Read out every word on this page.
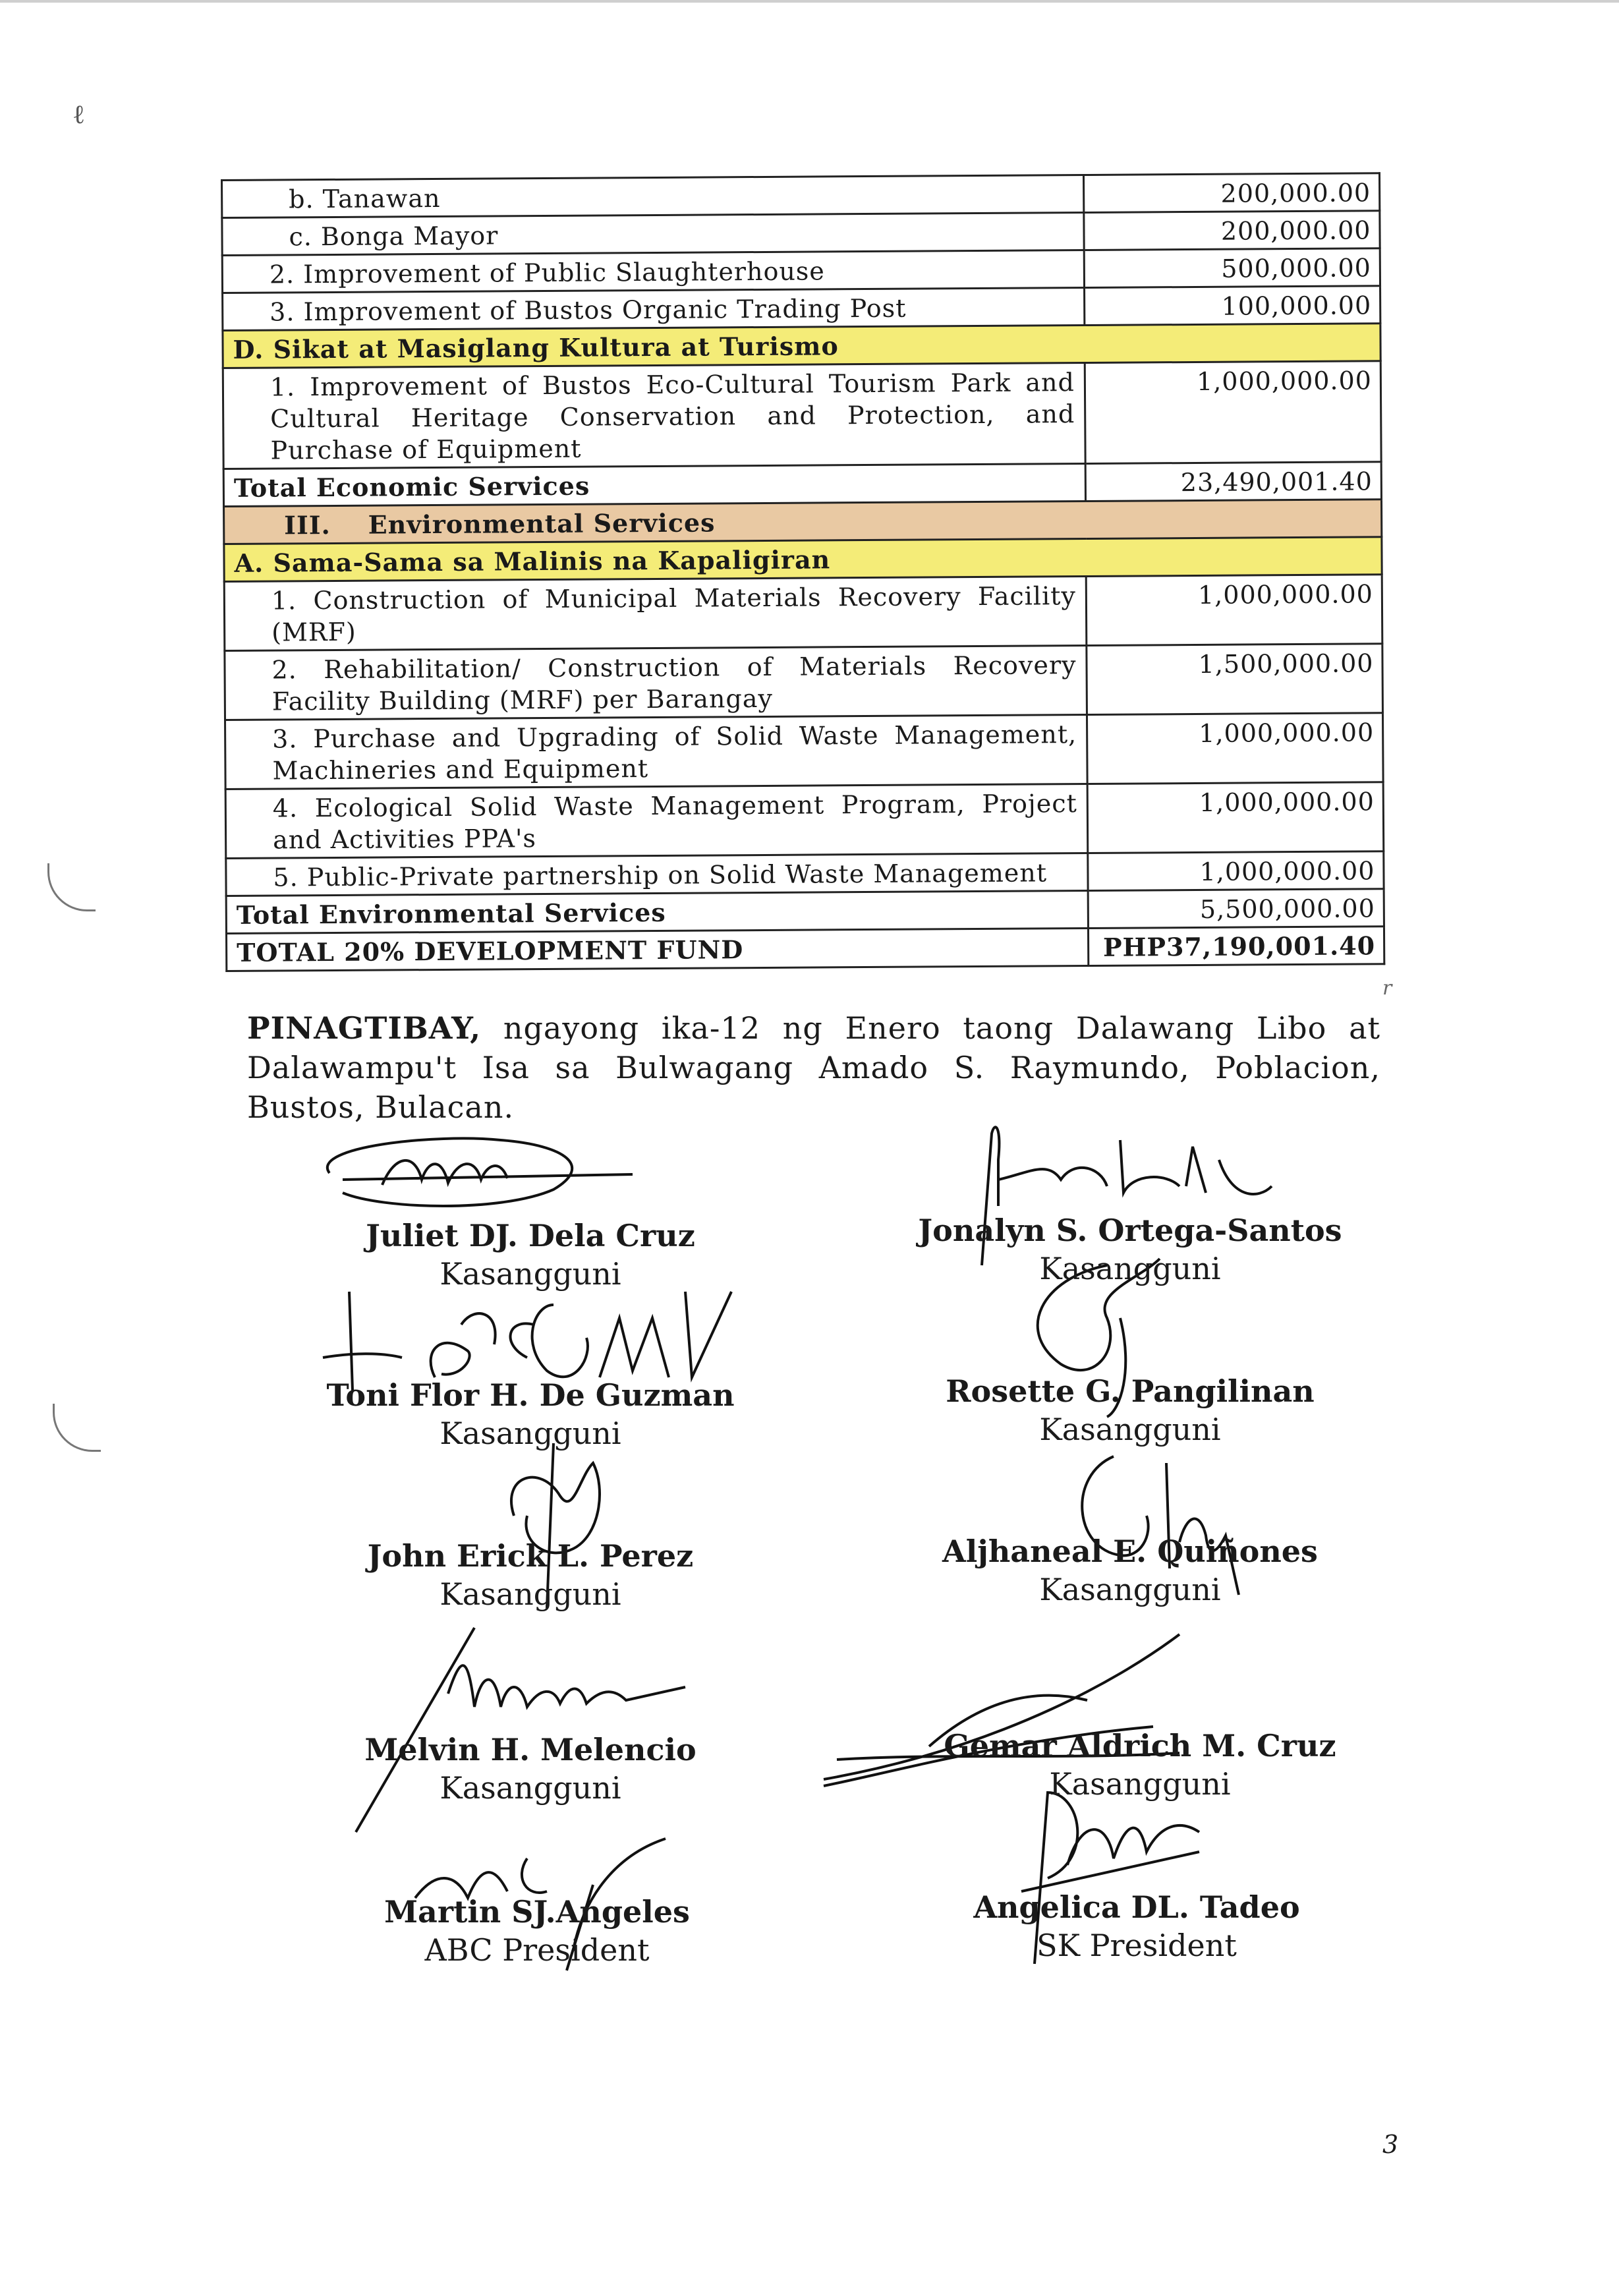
ℓ
b. Tanawan	200,000.00
c. Bonga Mayor	200,000.00
2. Improvement of Public Slaughterhouse	500,000.00
3. Improvement of Bustos Organic Trading Post	100,000.00
D. Sikat at Masiglang Kultura at Turismo	
1. Improvement of Bustos Eco-Cultural Tourism Park and Cultural Heritage Conservation and Protection, and Purchase of Equipment	1,000,000.00
Total Economic Services	23,490,001.40
III.    Environmental Services	
A. Sama-Sama sa Malinis na Kapaligiran	
1. Construction of Municipal Materials Recovery Facility (MRF)	1,000,000.00
2. Rehabilitation/ Construction of Materials Recovery Facility Building (MRF) per Barangay	1,500,000.00
3. Purchase and Upgrading of Solid Waste Management, Machineries and Equipment	1,000,000.00
4. Ecological Solid Waste Management Program, Project and Activities PPA's	1,000,000.00
5. Public-Private partnership on Solid Waste Management	1,000,000.00
Total Environmental Services	5,500,000.00
TOTAL 20% DEVELOPMENT FUND	PHP37,190,001.40
r
PINAGTIBAY, ngayong ika-12 ng Enero taong Dalawang Libo at Dalawampu't Isa sa Bulwagang Amado S. Raymundo, Poblacion, Bustos, Bulacan.
Juliet DJ. Dela Cruz
Kasangguni
Jonalyn S. Ortega-Santos
Kasangguni
Toni Flor H. De Guzman
Kasangguni
Rosette G. Pangilinan
Kasangguni
John Erick L. Perez
Kasangguni
Aljhaneal E. Quiñones
Kasangguni
Melvin H. Melencio
Kasangguni
Gemar Aldrich M. Cruz
Kasangguni
Martin SJ.Angeles
ABC President
Angelica DL. Tadeo
SK President
3
